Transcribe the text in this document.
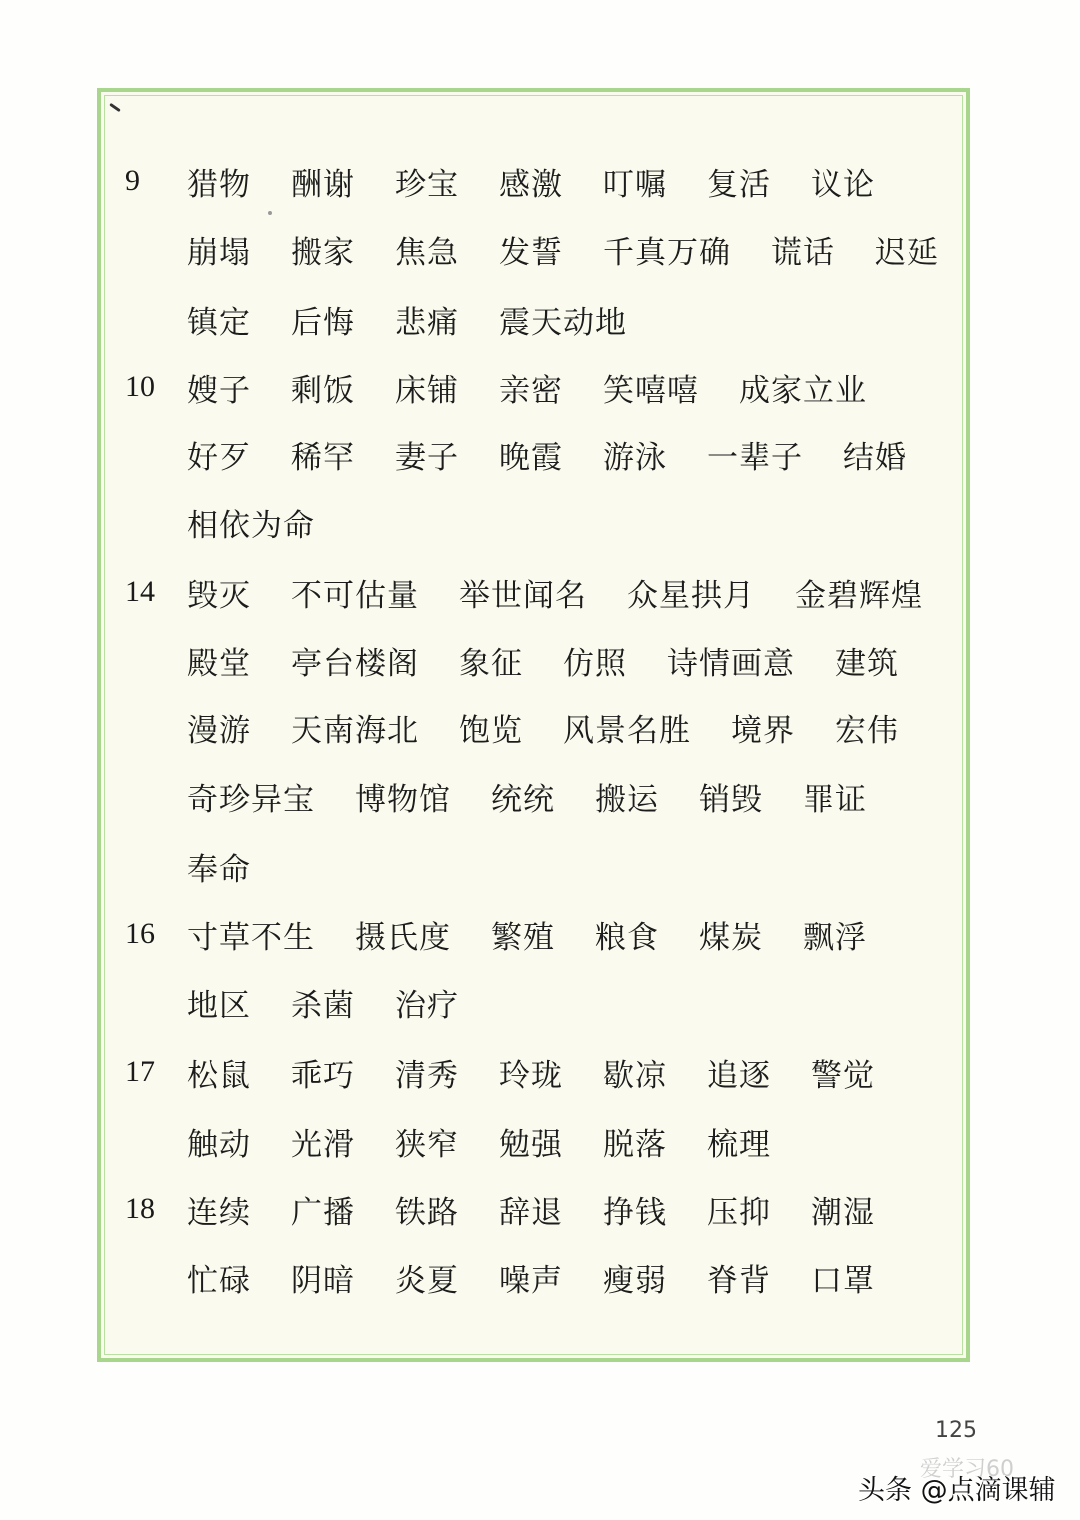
9	猎物 酬谢 珍宝 感激 叮嘱 复活 议论
崩塌 搬家 焦急 发誓 千真万确 谎话 迟延
镇定 后悔 悲痛 震天动地
10	嫂子 剩饭 床铺 亲密 笑嘻嘻 成家立业
好歹 稀罕 妻子 晚霞 游泳 一辈子 结婚
相依为命
14	毁灭 不可估量 举世闻名 众星拱月 金碧辉煌
殿堂 亭台楼阁 象征 仿照 诗情画意 建筑
漫游 天南海北 饱览 风景名胜 境界 宏伟
奇珍异宝 博物馆 统统 搬运 销毁 罪证
奉命
16	寸草不生 摄氏度 繁殖 粮食 煤炭 飘浮
地区 杀菌 治疗
17	松鼠 乖巧 清秀 玲珑 歇凉 追逐 警觉
触动 光滑 狭窄 勉强 脱落 梳理
18	连续 广播 铁路 辞退 挣钱 压抑 潮湿
忙碌 阴暗 炎夏 噪声 瘦弱 脊背 口罩
125
爱学习60
头条 @点滴课辅
